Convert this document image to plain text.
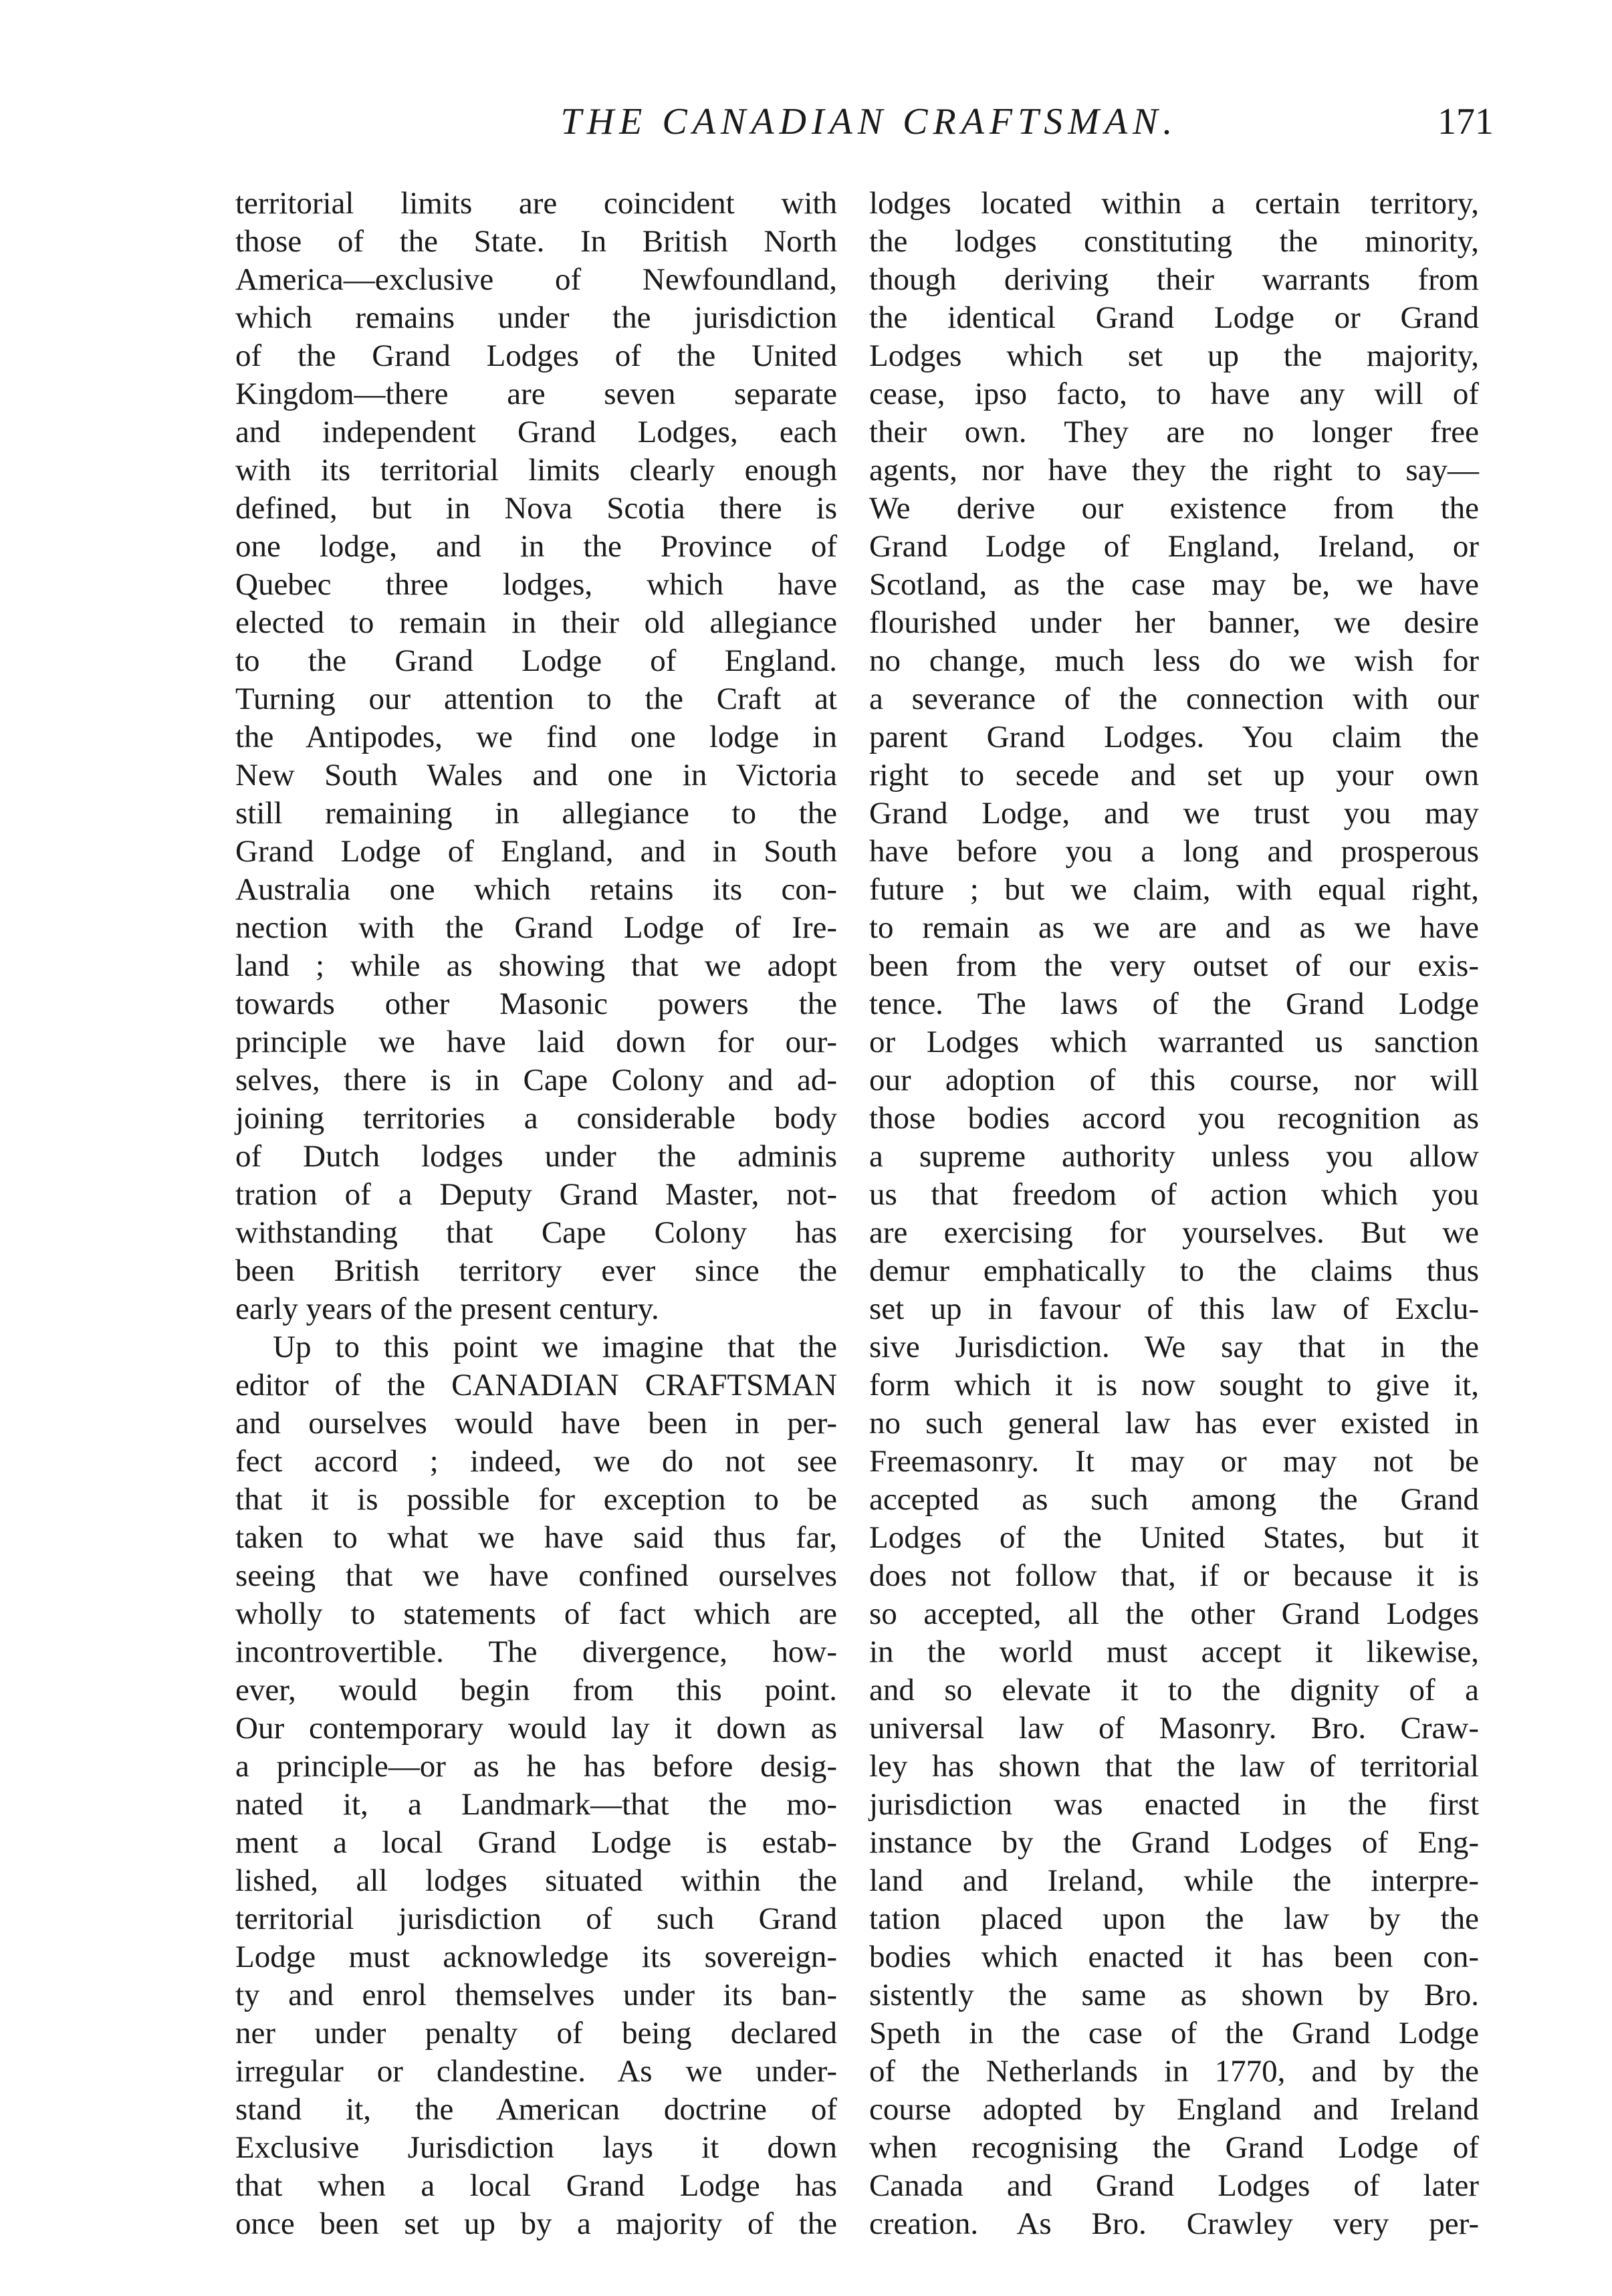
THE CANADIAN CRAFTSMAN.	171
territorial limits are coincident with
those of the State. In British North
America—exclusive of Newfoundland,
which remains under the jurisdiction
of the Grand Lodges of the United
Kingdom—there are seven separate
and independent Grand Lodges, each
with its territorial limits clearly enough
defined, but in Nova Scotia there is
one lodge, and in the Province of
Quebec three lodges, which have
elected to remain in their old allegiance
to the Grand Lodge of England.
Turning our attention to the Craft at
the Antipodes, we find one lodge in
New South Wales and one in Victoria
still remaining in allegiance to the
Grand Lodge of England, and in South
Australia one which retains its con-
nection with the Grand Lodge of Ire-
land ; while as showing that we adopt
towards other Masonic powers the
principle we have laid down for our-
selves, there is in Cape Colony and ad-
joining territories a considerable body
of Dutch lodges under the adminis
tration of a Deputy Grand Master, not-
withstanding that Cape Colony has
been British territory ever since the
early years of the present century.
Up to this point we imagine that the
editor of the CANADIAN CRAFTSMAN
and ourselves would have been in per-
fect accord ; indeed, we do not see
that it is possible for exception to be
taken to what we have said thus far,
seeing that we have confined ourselves
wholly to statements of fact which are
incontrovertible. The divergence, how-
ever, would begin from this point.
Our contemporary would lay it down as
a principle—or as he has before desig-
nated it, a Landmark—that the mo-
ment a local Grand Lodge is estab-
lished, all lodges situated within the
territorial jurisdiction of such Grand
Lodge must acknowledge its sovereign-
ty and enrol themselves under its ban-
ner under penalty of being declared
irregular or clandestine. As we under-
stand it, the American doctrine of
Exclusive Jurisdiction lays it down
that when a local Grand Lodge has
once been set up by a majority of the
lodges located within a certain territory,
the lodges constituting the minority,
though deriving their warrants from
the identical Grand Lodge or Grand
Lodges which set up the majority,
cease, ipso facto, to have any will of
their own. They are no longer free
agents, nor have they the right to say—
We derive our existence from the
Grand Lodge of England, Ireland, or
Scotland, as the case may be, we have
flourished under her banner, we desire
no change, much less do we wish for
a severance of the connection with our
parent Grand Lodges. You claim the
right to secede and set up your own
Grand Lodge, and we trust you may
have before you a long and prosperous
future ; but we claim, with equal right,
to remain as we are and as we have
been from the very outset of our exis-
tence. The laws of the Grand Lodge
or Lodges which warranted us sanction
our adoption of this course, nor will
those bodies accord you recognition as
a supreme authority unless you allow
us that freedom of action which you
are exercising for yourselves. But we
demur emphatically to the claims thus
set up in favour of this law of Exclu-
sive Jurisdiction. We say that in the
form which it is now sought to give it,
no such general law has ever existed in
Freemasonry. It may or may not be
accepted as such among the Grand
Lodges of the United States, but it
does not follow that, if or because it is
so accepted, all the other Grand Lodges
in the world must accept it likewise,
and so elevate it to the dignity of a
universal law of Masonry. Bro. Craw-
ley has shown that the law of territorial
jurisdiction was enacted in the first
instance by the Grand Lodges of Eng-
land and Ireland, while the interpre-
tation placed upon the law by the
bodies which enacted it has been con-
sistently the same as shown by Bro.
Speth in the case of the Grand Lodge
of the Netherlands in 1770, and by the
course adopted by England and Ireland
when recognising the Grand Lodge of
Canada and Grand Lodges of later
creation. As Bro. Crawley very per-
